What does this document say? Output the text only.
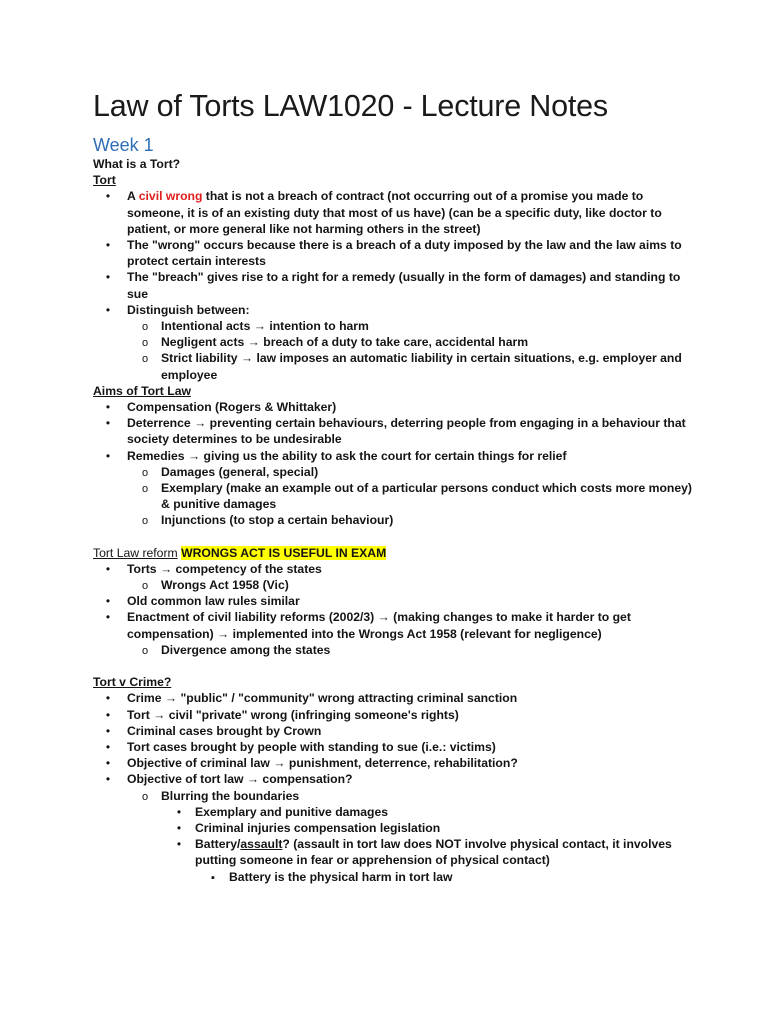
Law of Torts LAW1020 - Lecture Notes
Week 1

What is a Tort?

Tort

•
A civil wrong that is not a breach of contract (not occurring out of a promise you made to someone, it is of an existing duty that most of us have) (can be a specific duty, like doctor to patient, or more general like not harming others in the street)
•
The "wrong" occurs because there is a breach of a duty imposed by the law and the law aims to protect certain interests
•
The "breach" gives rise to a right for a remedy (usually in the form of damages) and standing to sue
•
Distinguish between:
o
Intentional acts → intention to harm
o
Negligent acts → breach of a duty to take care, accidental harm
o
Strict liability → law imposes an automatic liability in certain situations, e.g. employer and employee

Aims of Tort Law

•
Compensation (Rogers & Whittaker)
•
Deterrence → preventing certain behaviours, deterring people from engaging in a behaviour that society determines to be undesirable
•
Remedies → giving us the ability to ask the court for certain things for relief
o
Damages (general, special)
o
Exemplary (make an example out of a particular persons conduct which costs more money) & punitive damages
o
Injunctions (to stop a certain behaviour)

Tort Law reform WRONGS ACT IS USEFUL IN EXAM

•
Torts → competency of the states
o
Wrongs Act 1958 (Vic)
•
Old common law rules similar
•
Enactment of civil liability reforms (2002/3) → (making changes to make it harder to get compensation) → implemented into the Wrongs Act 1958 (relevant for negligence)
o
Divergence among the states

Tort v Crime?

•
Crime → "public" / "community" wrong attracting criminal sanction
•
Tort → civil "private" wrong (infringing someone's rights)
•
Criminal cases brought by Crown
•
Tort cases brought by people with standing to sue (i.e.: victims)
•
Objective of criminal law → punishment, deterrence, rehabilitation?
•
Objective of tort law → compensation?
o
Blurring the boundaries
•
Exemplary and punitive damages
•
Criminal injuries compensation legislation
•
Battery/assault? (assault in tort law does NOT involve physical contact, it involves putting someone in fear or apprehension of physical contact)
▪
Battery is the physical harm in tort law
